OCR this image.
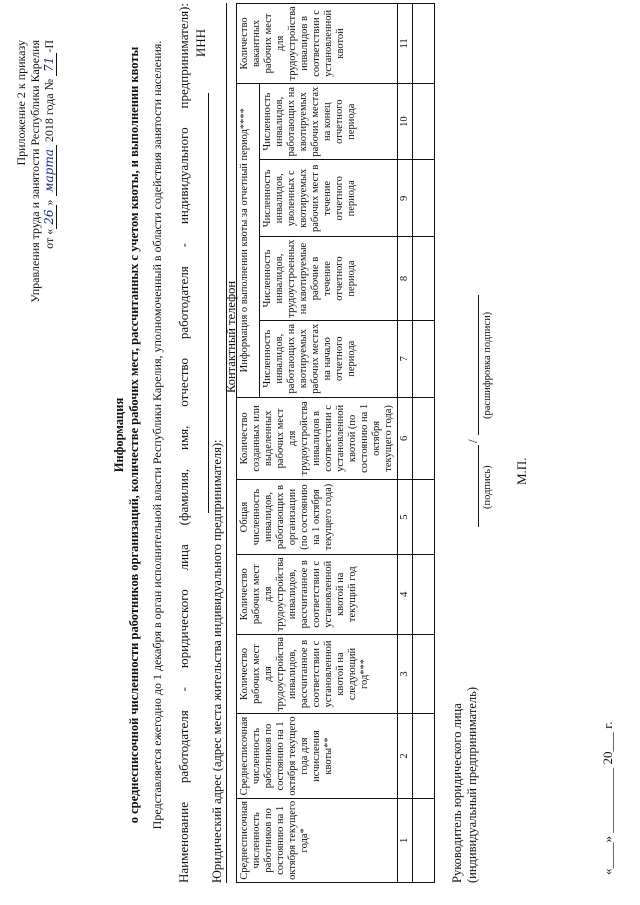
Приложение 2 к приказу Управления труда и занятости Республики Карелия от «26» марта 2018 года № 71-П
Информация о среднесписочной численности работников организаций, количестве рабочих мест, рассчитанных с учетом квоты, и выполнении квоты Представляется ежегодно до 1 декабря в орган исполнительной власти Республики Карелия, уполномоченный в области содействия занятости населения.
Наименование
работодателя
-
юридического
лица
(фамилия,
имя,
отчество
работодателя
-
индивидуального
предпринимателя): ИНН
Юридический адрес (адрес места жительства индивидуального предпринимателя):
Контактный телефон
Среднесписочная численность работников по состоянию на 1 октября текущего года*	Среднесписочная численность работников по состоянию на 1 октября текущего года для исчисления квоты**	Количество рабочих мест для трудоустройства инвалидов, рассчитанное в соответствии с установленной квотой на следующий год***	Количество рабочих мест для трудоустройства инвалидов, рассчитанное в соответствии с установленной квотой на текущий год	Общая численность инвалидов, работающих в организации (по состоянию на 1 октября текущего года)	Количество созданных или выделенных рабочих мест для трудоустройства инвалидов в соответствии с установленной квотой (по состоянию на 1 октября текущего года)	Информация о выполнении квоты за отчетный период****				Количество вакантных рабочих мест для трудоустройства инвалидов в соответствии с установленной квотой
						Численность инвалидов, работающих на квотируемых рабочих местах на начало отчетного периода	Численность инвалидов, трудоустроенных на квотируемые рабочие в течение отчетного периода	Численность инвалидов, уволенных с квотируемых рабочих мест в течение отчетного периода	Численность инвалидов, работающих на квотируемых рабочих местах на конец отчетного периода	
1	2	3	4	5	6	7	8	9	10	11

Руководитель юридического лица (индивидуальный предприниматель)
/
(подпись)
(расшифровка подписи)
М.П.
«____» __________ 20___ г.
